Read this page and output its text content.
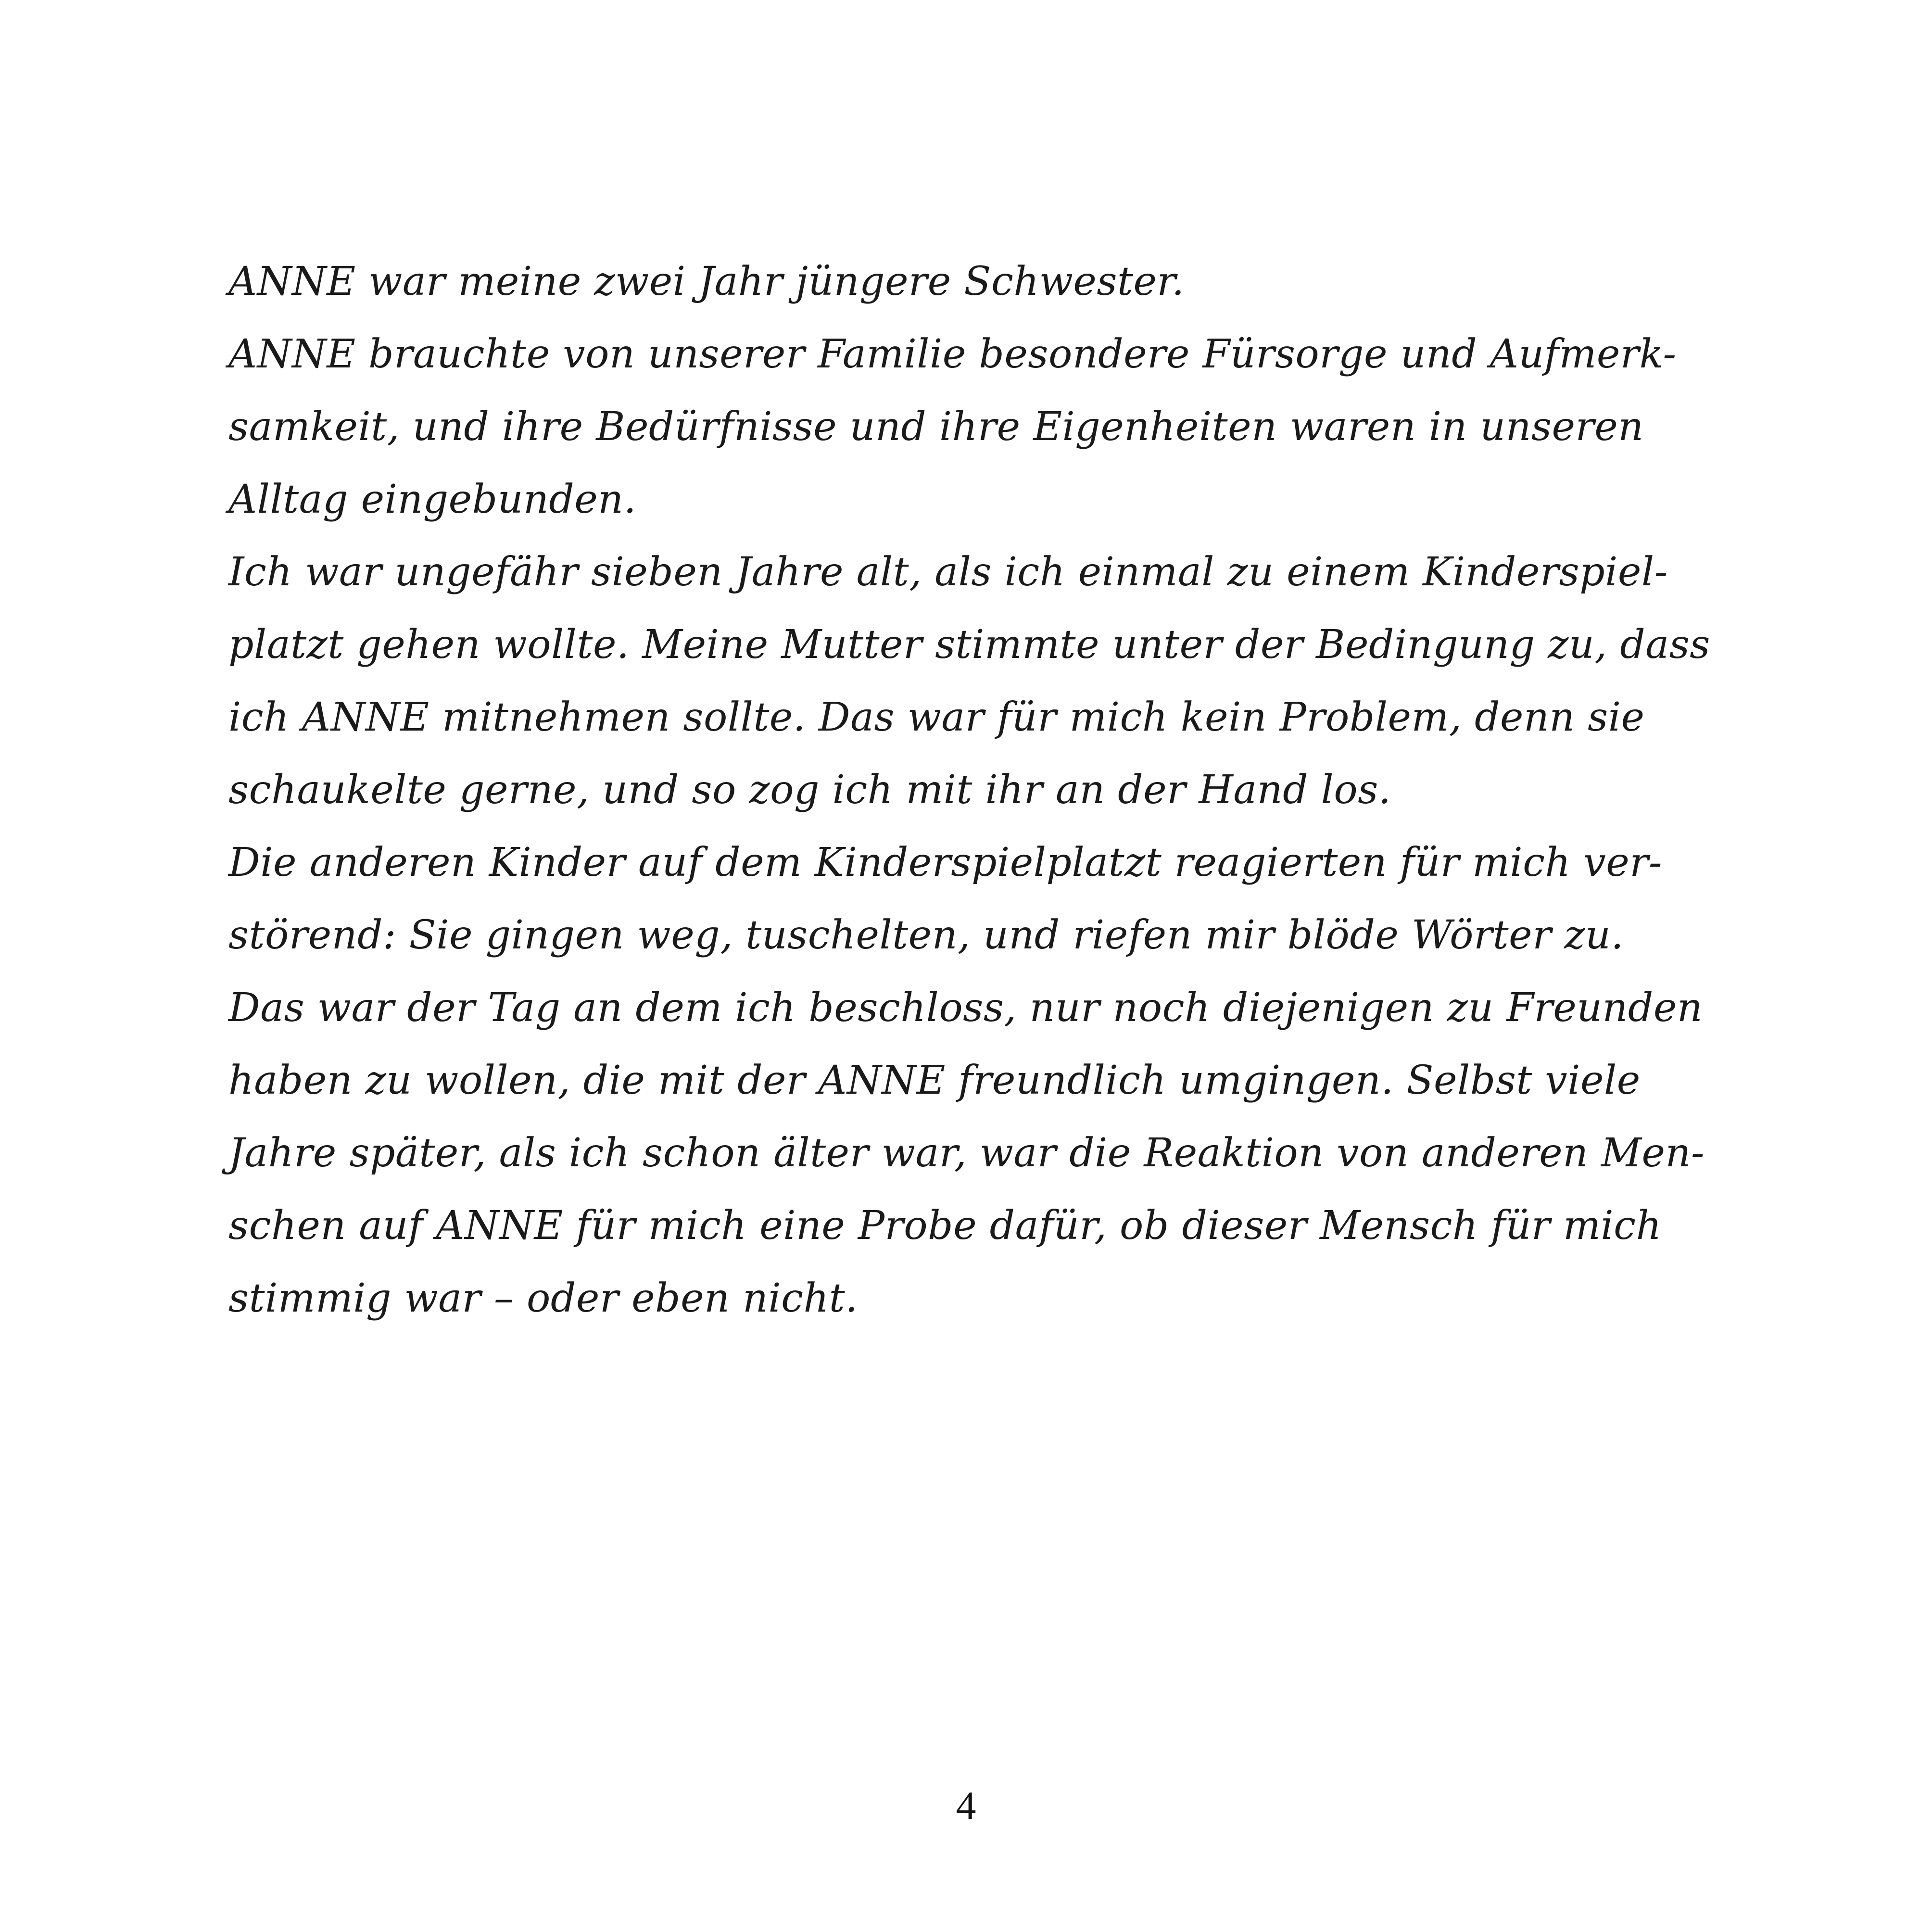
ANNE war meine zwei Jahr jüngere Schwester.
ANNE brauchte von unserer Familie besondere Fürsorge und Aufmerk-
samkeit, und ihre Bedürfnisse und ihre Eigenheiten waren in unseren
Alltag eingebunden.
Ich war ungefähr sieben Jahre alt, als ich einmal zu einem Kinderspiel-
platzt gehen wollte. Meine Mutter stimmte unter der Bedingung zu, dass
ich ANNE mitnehmen sollte. Das war für mich kein Problem, denn sie
schaukelte gerne, und so zog ich mit ihr an der Hand los.
Die anderen Kinder auf dem Kinderspielplatzt reagierten für mich ver-
störend: Sie gingen weg, tuschelten, und riefen mir blöde Wörter zu.
Das war der Tag an dem ich beschloss, nur noch diejenigen zu Freunden
haben zu wollen, die mit der ANNE freundlich umgingen. Selbst viele
Jahre später, als ich schon älter war, war die Reaktion von anderen Men-
schen auf ANNE für mich eine Probe dafür, ob dieser Mensch für mich
stimmig war – oder eben nicht.
4
